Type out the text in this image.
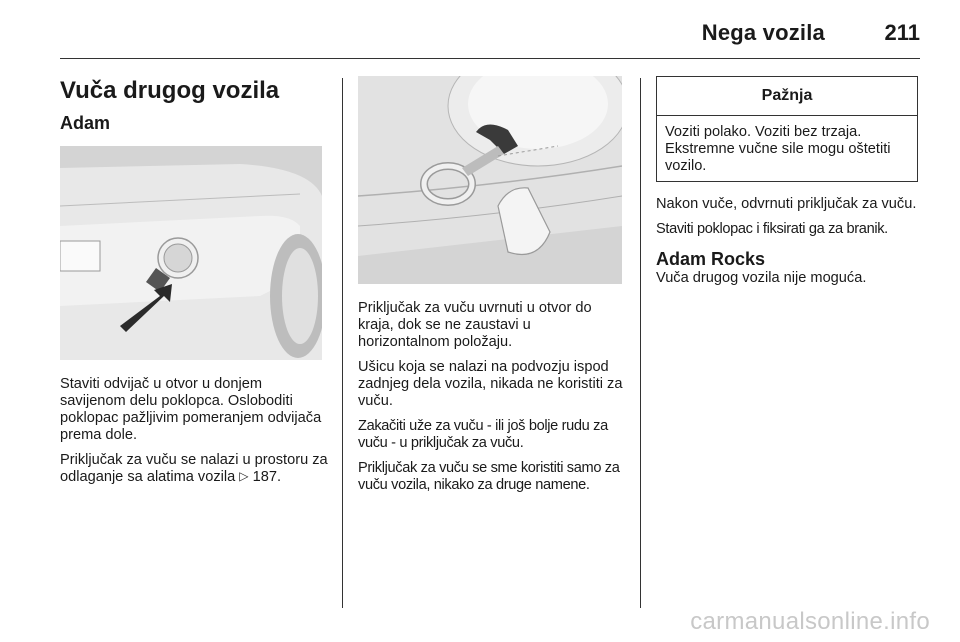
Nega vozila	211
Vuča drugog vozila
Adam

Staviti odvijač u otvor u donjem savijenom delu poklopca. Osloboditi poklopac pažljivim pomeranjem odvijača prema dole.

Priključak za vuču se nalazi u prostoru za odlaganje sa alatima vozila ▷ 187.

Priključak za vuču uvrnuti u otvor do kraja, dok se ne zaustavi u horizontalnom položaju.

Ušicu koja se nalazi na podvozju ispod zadnjeg dela vozila, nikada ne koristiti za vuču.

Zakačiti uže za vuču - ili još bolje rudu za vuču - u priključak za vuču.

Priključak za vuču se sme koristiti samo za vuču vozila, nikako za druge namene.

Pažnja
Voziti polako. Voziti bez trzaja. Ekstremne vučne sile mogu oštetiti vozilo.

Nakon vuče, odvrnuti priključak za vuču.

Staviti poklopac i fiksirati ga za branik.

Adam Rocks

Vuča drugog vozila nije moguća.

carmanualsonline.info
